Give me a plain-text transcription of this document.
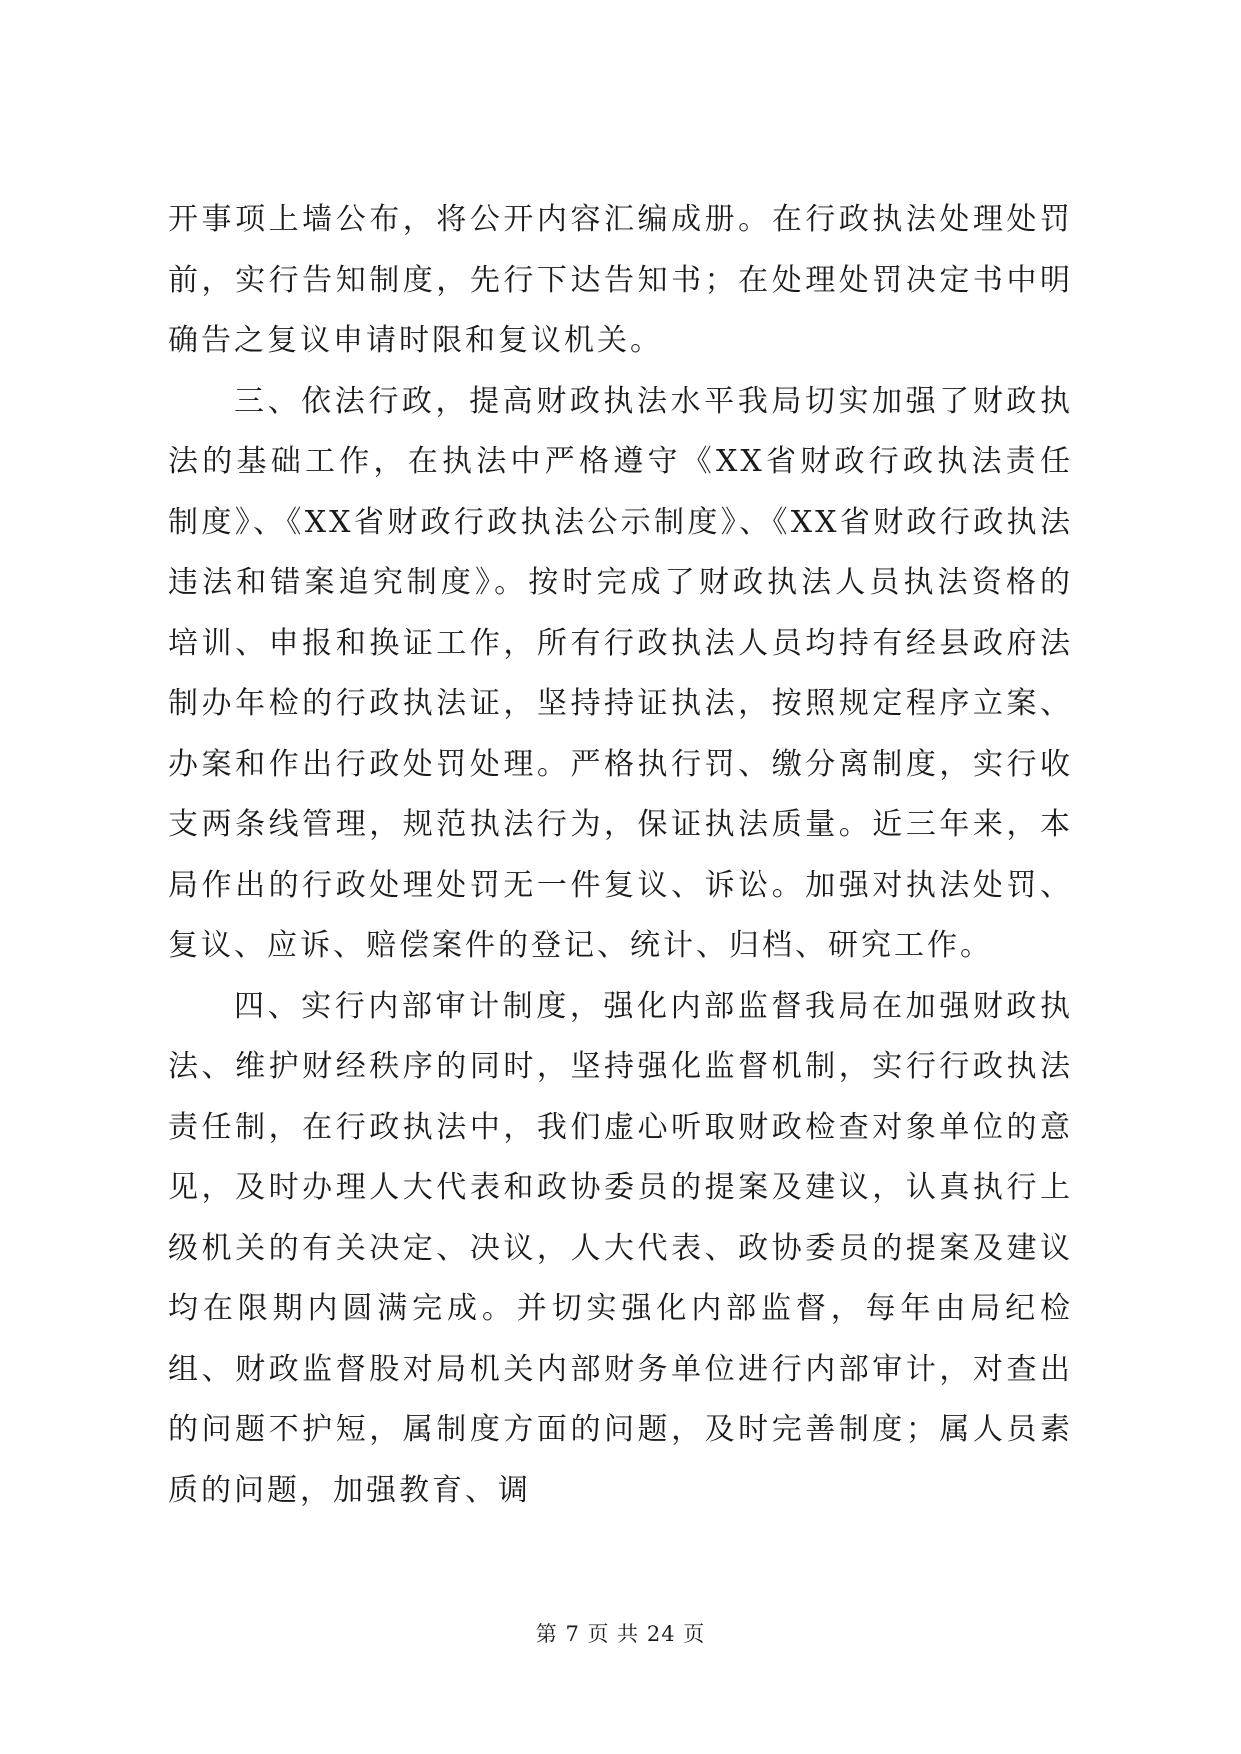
开事项上墙公布，将公开内容汇编成册。在行政执法处理处罚前，实行告知制度，先行下达告知书；在处理处罚决定书中明确告之复议申请时限和复议机关。

三、依法行政，提高财政执法水平我局切实加强了财政执法的基础工作，在执法中严格遵守《XX省财政行政执法责任制度》、《XX省财政行政执法公示制度》、《XX省财政行政执法违法和错案追究制度》。按时完成了财政执法人员执法资格的培训、申报和换证工作，所有行政执法人员均持有经县政府法制办年检的行政执法证，坚持持证执法，按照规定程序立案、办案和作出行政处罚处理。严格执行罚、缴分离制度，实行收支两条线管理，规范执法行为，保证执法质量。近三年来，本局作出的行政处理处罚无一件复议、诉讼。加强对执法处罚、复议、应诉、赔偿案件的登记、统计、归档、研究工作。

四、实行内部审计制度，强化内部监督我局在加强财政执法、维护财经秩序的同时，坚持强化监督机制，实行行政执法责任制，在行政执法中，我们虚心听取财政检查对象单位的意见，及时办理人大代表和政协委员的提案及建议，认真执行上级机关的有关决定、决议，人大代表、政协委员的提案及建议均在限期内圆满完成。并切实强化内部监督，每年由局纪检组、财政监督股对局机关内部财务单位进行内部审计，对查出的问题不护短，属制度方面的问题，及时完善制度；属人员素质的问题，加强教育、调

第 7 页 共 24 页
